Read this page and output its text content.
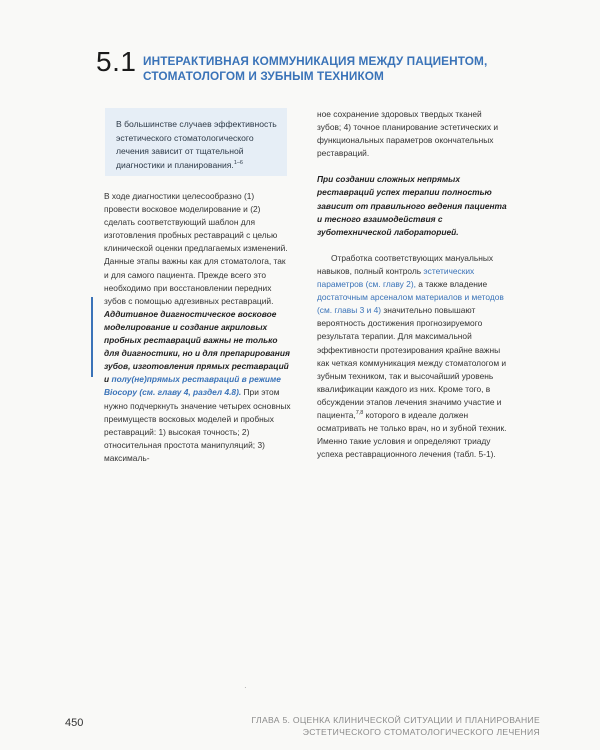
5.1 ИНТЕРАКТИВНАЯ КОММУНИКАЦИЯ МЕЖДУ ПАЦИЕНТОМ, СТОМАТОЛОГОМ И ЗУБНЫМ ТЕХНИКОМ
В большинстве случаев эффективность эстетического стоматологического лечения зависит от тщательной диагностики и планирования.$^{1-6}$

В ходе диагностики целесообразно (1) провести восковое моделирование и (2) сделать соответствующий шаблон для изготовления пробных реставраций с целью клинической оценки предлагаемых изменений. Данные этапы важны как для стоматолога, так и для самого пациента. Прежде всего это необходимо при восстановлении передних зубов с помощью адгезивных реставраций. Аддитивное диагностическое восковое моделирование и создание акриловых пробных реставраций важны не только для диагностики, но и для препарирования зубов, изготовления прямых реставраций и полу(не)прямых реставраций в режиме Biocopy (см. главу 4, раздел 4.8). При этом нужно подчеркнуть значение четырех основных преимуществ восковых моделей и пробных реставраций: 1) высокая точность; 2) относительная простота манипуляций; 3) максималь-

ное сохранение здоровых твердых тканей зубов; 4) точное планирование эстетических и функциональных параметров окончательных реставраций.

При создании сложных непрямых реставраций успех терапии полностью зависит от правильного ведения пациента и тесного взаимодействия с зуботехнической лабораторией.

Отработка соответствующих мануальных навыков, полный контроль эстетических параметров (см. главу 2), а также владение достаточным арсеналом материалов и методов (см. главы 3 и 4) значительно повышают вероятность достижения прогнозируемого результата терапии. Для максимальной эффективности протезирования крайне важны как четкая коммуникация между стоматологом и зубным техником, так и высочайший уровень квалификации каждого из них. Кроме того, в обсуждении этапов лечения значимо участие и пациента,$^{7,8}$ которого в идеале должен осматривать не только врач, но и зубной техник. Именно такие условия и определяют триаду успеха реставрационного лечения (табл. 5-1).

·
450	ГЛАВА 5. ОЦЕНКА КЛИНИЧЕСКОЙ СИТУАЦИИ И ПЛАНИРОВАНИЕ ЭСТЕТИЧЕСКОГО СТОМАТОЛОГИЧЕСКОГО ЛЕЧЕНИЯ
